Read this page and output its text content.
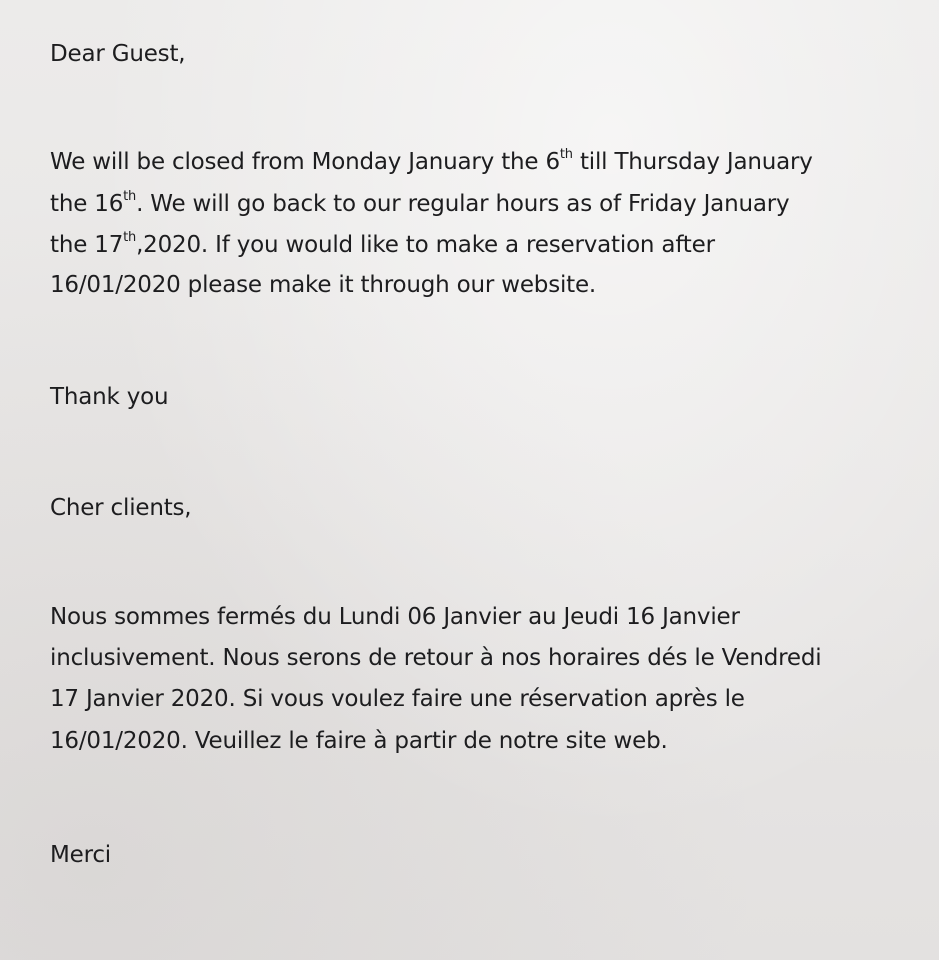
Dear Guest,

We will be closed from Monday January the 6th till Thursday January

the 16th. We will go back to our regular hours as of Friday January

the 17th,2020. If you would like to make a reservation after

16/01/2020 please make it through our website.

Thank you

Cher clients,

Nous sommes fermés du Lundi 06 Janvier au Jeudi 16 Janvier

inclusivement. Nous serons de retour à nos horaires dés le Vendredi

17 Janvier 2020. Si vous voulez faire une réservation après le

16/01/2020. Veuillez le faire à partir de notre site web.

Merci
